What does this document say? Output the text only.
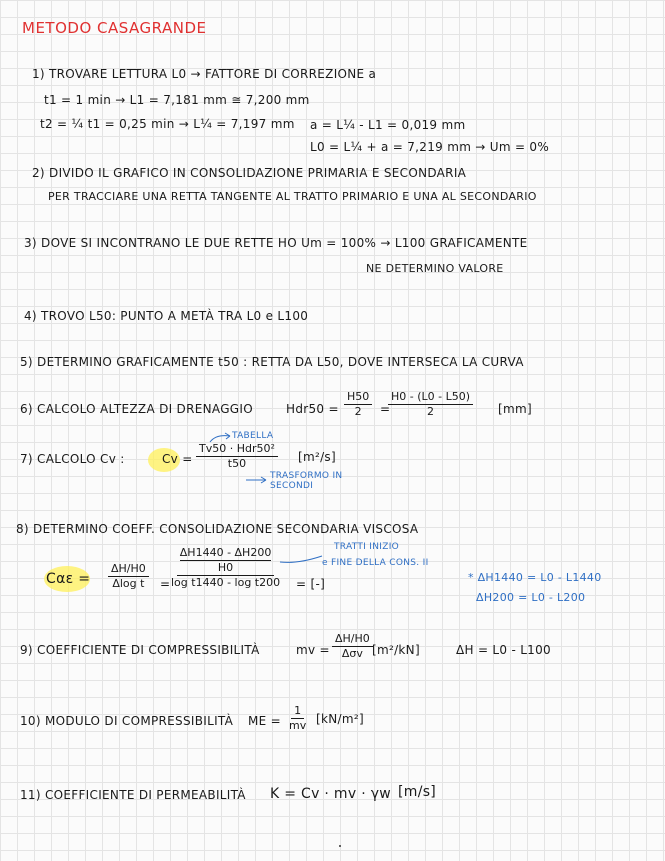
METODO CASAGRANDE
1) TROVARE LETTURA L0 → FATTORE DI CORREZIONE a
t1 = 1 min → L1 = 7,181 mm ≅ 7,200 mm
t2 = ¼ t1 = 0,25 min → L¼ = 7,197 mm a = L¼ - L1 = 0,019 mm
L0 = L¼ + a = 7,219 mm → Um = 0%
2) DIVIDO IL GRAFICO IN CONSOLIDAZIONE PRIMARIA E SECONDARIA
PER TRACCIARE UNA RETTA TANGENTE AL TRATTO PRIMARIO E UNA AL SECONDARIO
3) DOVE SI INCONTRANO LE DUE RETTE HO Um = 100% → L100 GRAFICAMENTE
NE DETERMINO VALORE
4) TROVO L50: PUNTO A METÀ TRA L0 e L100
5) DETERMINO GRAFICAMENTE t50 : RETTA DA L50, DOVE INTERSECA LA CURVA
6) CALCOLO ALTEZZA DI DRENAGGIO	$Hdr50 = \frac{H50}{2}$ =
$\frac{H0 - (L0 - L50)}{2} [mm]$
7) CALCOLO Cv :	Cv =
Tv50 · Hdr50²
t50	[m²/s]
TABELLA
TRASFORMO IN SECONDI
8) DETERMINO COEFF. CONSOLIDAZIONE SECONDARIA VISCOSA
$C\alpha\varepsilon = \frac{\Delta H/H0}{\text{Δlog t}}$ =
ΔH1440 - ΔH200
H0
log t1440 - log t200 = [-]
TRATTI INIZIO
e FINE DELLA CONS. II
* ΔH1440 = L0 - L1440
ΔH200 = L0 - L200
9) COEFFICIENTE DI COMPRESSIBILITÀ	mv =
ΔH/H0
Δσv [m²/kN]	ΔH = L0 - L100
10) MODULO DI COMPRESSIBILITÀ ME = $\frac{1}{mv} [kN/m^2]$
11) COEFFICIENTE DI PERMEABILITÀ K = Cv · mv · γw [m/s]
